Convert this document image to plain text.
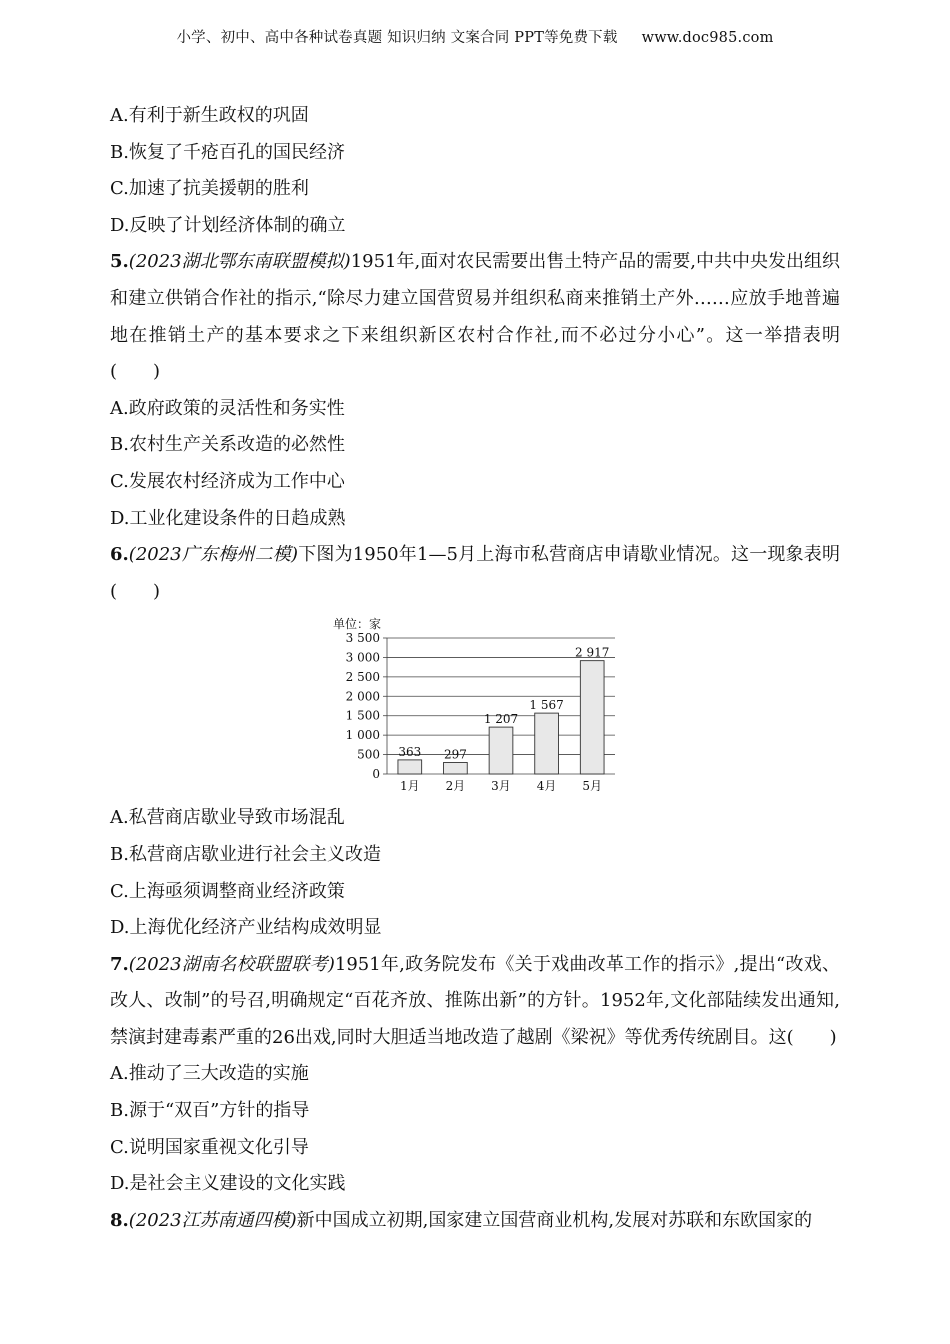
小学、初中、高中各种试卷真题 知识归纳 文案合同 PPT等免费下载 www.doc985.com
A.有利于新生政权的巩固
B.恢复了千疮百孔的国民经济
C.加速了抗美援朝的胜利
D.反映了计划经济体制的确立
5.(2023湖北鄂东南联盟模拟)1951年,面对农民需要出售土特产品的需要,中共中央发出组织和建立供销合作社的指示,“除尽力建立国营贸易并组织私商来推销土产外……应放手地普遍地在推销土产的基本要求之下来组织新区农村合作社,而不必过分小心”。这一举措表明(　　)
A.政府政策的灵活性和务实性
B.农村生产关系改造的必然性
C.发展农村经济成为工作中心
D.工业化建设条件的日趋成熟
6.(2023广东梅州二模)下图为1950年1—5月上海市私营商店申请歇业情况。这一现象表明(　　)
单位：家
0
500
1 000
1 500
2 000
2 500
3 000
3 500
363
1月
297
2月
1 207
3月
1 567
4月
2 917
5月
A.私营商店歇业导致市场混乱
B.私营商店歇业进行社会主义改造
C.上海亟须调整商业经济政策
D.上海优化经济产业结构成效明显
7.(2023湖南名校联盟联考)1951年,政务院发布《关于戏曲改革工作的指示》,提出“改戏、改人、改制”的号召,明确规定“百花齐放、推陈出新”的方针。1952年,文化部陆续发出通知,禁演封建毒素严重的26出戏,同时大胆适当地改造了越剧《梁祝》等优秀传统剧目。这(　　)
A.推动了三大改造的实施
B.源于“双百”方针的指导
C.说明国家重视文化引导
D.是社会主义建设的文化实践
8.(2023江苏南通四模)新中国成立初期,国家建立国营商业机构,发展对苏联和东欧国家的
